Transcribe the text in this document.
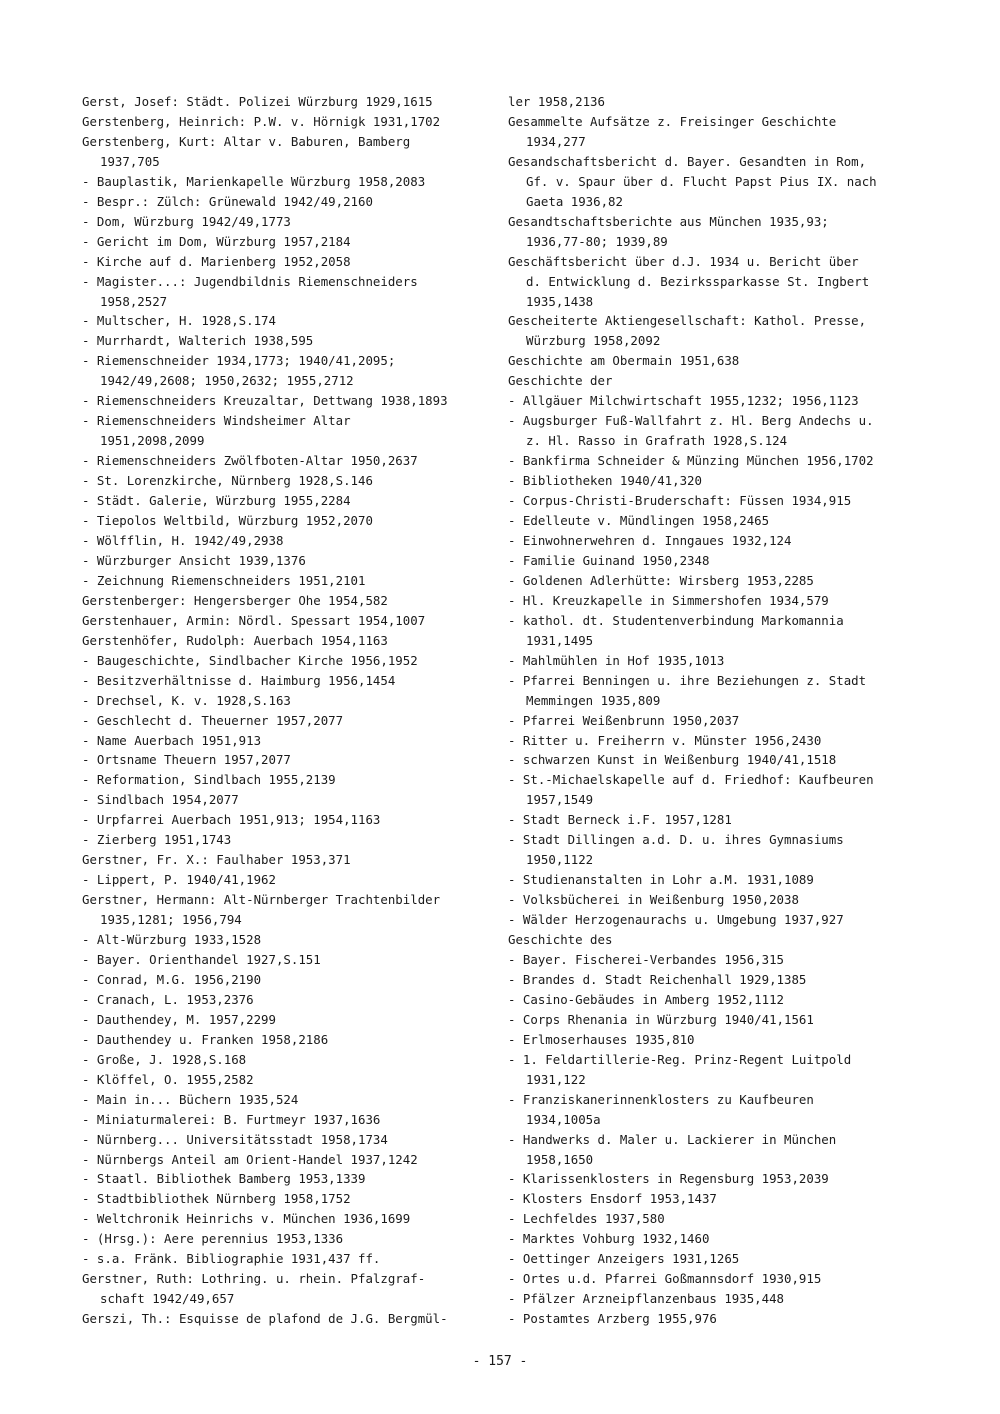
Gerst, Josef: Städt. Polizei Würzburg 1929,1615
Gerstenberg, Heinrich: P.W. v. Hörnigk 1931,1702
Gerstenberg, Kurt: Altar v. Baburen, Bamberg
1937,705
- Bauplastik, Marienkapelle Würzburg 1958,2083
- Bespr.: Zülch: Grünewald 1942/49,2160
- Dom, Würzburg 1942/49,1773
- Gericht im Dom, Würzburg 1957,2184
- Kirche auf d. Marienberg 1952,2058
- Magister...: Jugendbildnis Riemenschneiders
1958,2527
- Multscher, H. 1928,S.174
- Murrhardt, Walterich 1938,595
- Riemenschneider 1934,1773; 1940/41,2095;
1942/49,2608; 1950,2632; 1955,2712
- Riemenschneiders Kreuzaltar, Dettwang 1938,1893
- Riemenschneiders Windsheimer Altar
1951,2098,2099
- Riemenschneiders Zwölfboten-Altar 1950,2637
- St. Lorenzkirche, Nürnberg 1928,S.146
- Städt. Galerie, Würzburg 1955,2284
- Tiepolos Weltbild, Würzburg 1952,2070
- Wölfflin, H. 1942/49,2938
- Würzburger Ansicht 1939,1376
- Zeichnung Riemenschneiders 1951,2101
Gerstenberger: Hengersberger Ohe 1954,582
Gerstenhauer, Armin: Nördl. Spessart 1954,1007
Gerstenhöfer, Rudolph: Auerbach 1954,1163
- Baugeschichte, Sindlbacher Kirche 1956,1952
- Besitzverhältnisse d. Haimburg 1956,1454
- Drechsel, K. v. 1928,S.163
- Geschlecht d. Theuerner 1957,2077
- Name Auerbach 1951,913
- Ortsname Theuern 1957,2077
- Reformation, Sindlbach 1955,2139
- Sindlbach 1954,2077
- Urpfarrei Auerbach 1951,913; 1954,1163
- Zierberg 1951,1743
Gerstner, Fr. X.: Faulhaber 1953,371
- Lippert, P. 1940/41,1962
Gerstner, Hermann: Alt-Nürnberger Trachtenbilder
1935,1281; 1956,794
- Alt-Würzburg 1933,1528
- Bayer. Orienthandel 1927,S.151
- Conrad, M.G. 1956,2190
- Cranach, L. 1953,2376
- Dauthendey, M. 1957,2299
- Dauthendey u. Franken 1958,2186
- Große, J. 1928,S.168
- Klöffel, O. 1955,2582
- Main in... Büchern 1935,524
- Miniaturmalerei: B. Furtmeyr 1937,1636
- Nürnberg... Universitätsstadt 1958,1734
- Nürnbergs Anteil am Orient-Handel 1937,1242
- Staatl. Bibliothek Bamberg 1953,1339
- Stadtbibliothek Nürnberg 1958,1752
- Weltchronik Heinrichs v. München 1936,1699
- (Hrsg.): Aere perennius 1953,1336
- s.a. Fränk. Bibliographie 1931,437 ff.
Gerstner, Ruth: Lothring. u. rhein. Pfalzgraf-
schaft 1942/49,657
Gerszi, Th.: Esquisse de plafond de J.G. Bergmül-
ler 1958,2136
Gesammelte Aufsätze z. Freisinger Geschichte
1934,277
Gesandschaftsbericht d. Bayer. Gesandten in Rom,
Gf. v. Spaur über d. Flucht Papst Pius IX. nach
Gaeta 1936,82
Gesandtschaftsberichte aus München 1935,93;
1936,77-80; 1939,89
Geschäftsbericht über d.J. 1934 u. Bericht über
d. Entwicklung d. Bezirkssparkasse St. Ingbert
1935,1438
Gescheiterte Aktiengesellschaft: Kathol. Presse,
Würzburg 1958,2092
Geschichte am Obermain 1951,638
Geschichte der
- Allgäuer Milchwirtschaft 1955,1232; 1956,1123
- Augsburger Fuß-Wallfahrt z. Hl. Berg Andechs u.
z. Hl. Rasso in Grafrath 1928,S.124
- Bankfirma Schneider & Münzing München 1956,1702
- Bibliotheken 1940/41,320
- Corpus-Christi-Bruderschaft: Füssen 1934,915
- Edelleute v. Mündlingen 1958,2465
- Einwohnerwehren d. Inngaues 1932,124
- Familie Guinand 1950,2348
- Goldenen Adlerhütte: Wirsberg 1953,2285
- Hl. Kreuzkapelle in Simmershofen 1934,579
- kathol. dt. Studentenverbindung Markomannia
1931,1495
- Mahlmühlen in Hof 1935,1013
- Pfarrei Benningen u. ihre Beziehungen z. Stadt
Memmingen 1935,809
- Pfarrei Weißenbrunn 1950,2037
- Ritter u. Freiherrn v. Münster 1956,2430
- schwarzen Kunst in Weißenburg 1940/41,1518
- St.-Michaelskapelle auf d. Friedhof: Kaufbeuren
1957,1549
- Stadt Berneck i.F. 1957,1281
- Stadt Dillingen a.d. D. u. ihres Gymnasiums
1950,1122
- Studienanstalten in Lohr a.M. 1931,1089
- Volksbücherei in Weißenburg 1950,2038
- Wälder Herzogenaurachs u. Umgebung 1937,927
Geschichte des
- Bayer. Fischerei-Verbandes 1956,315
- Brandes d. Stadt Reichenhall 1929,1385
- Casino-Gebäudes in Amberg 1952,1112
- Corps Rhenania in Würzburg 1940/41,1561
- Erlmoserhauses 1935,810
- 1. Feldartillerie-Reg. Prinz-Regent Luitpold
1931,122
- Franziskanerinnenklosters zu Kaufbeuren
1934,1005a
- Handwerks d. Maler u. Lackierer in München
1958,1650
- Klarissenklosters in Regensburg 1953,2039
- Klosters Ensdorf 1953,1437
- Lechfeldes 1937,580
- Marktes Vohburg 1932,1460
- Oettinger Anzeigers 1931,1265
- Ortes u.d. Pfarrei Goßmannsdorf 1930,915
- Pfälzer Arzneipflanzenbaus 1935,448
- Postamtes Arzberg 1955,976
- 157 -
